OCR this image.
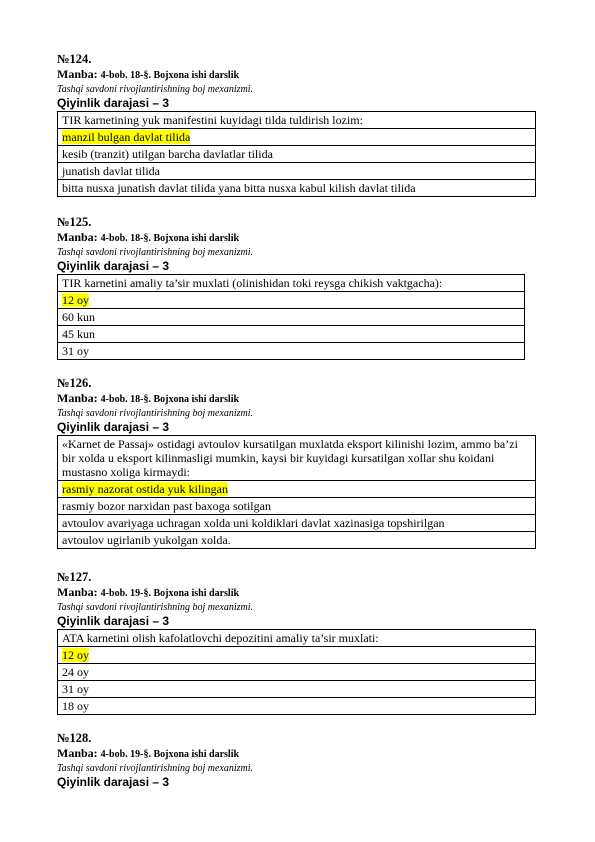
№124.
Manba: 4-bob. 18-§. Bojxona ishi darslik
Tashqi savdoni rivojlantirishning boj mexanizmi.
Qiyinlik darajasi – 3
TIR karnetining yuk manifestini kuyidagi tilda tuldirish lozim:
manzil bulgan davlat tilida
kesib (tranzit) utilgan barcha davlatlar tilida
junatish davlat tilida
bitta nusxa junatish davlat tilida yana bitta nusxa kabul kilish davlat tilida
№125.
Manba: 4-bob. 18-§. Bojxona ishi darslik
Tashqi savdoni rivojlantirishning boj mexanizmi.
Qiyinlik darajasi – 3
TIR karnetini amaliy ta’sir muxlati (olinishidan toki reysga chikish vaktgacha):
12 oy
60 kun
45 kun
31 oy
№126.
Manba: 4-bob. 18-§. Bojxona ishi darslik
Tashqi savdoni rivojlantirishning boj mexanizmi.
Qiyinlik darajasi – 3
«Karnet de Passaj» ostidagi avtoulov kursatilgan muxlatda eksport kilinishi lozim, ammo ba’zi bir xolda u eksport kilinmasligi mumkin, kaysi bir kuyidagi kursatilgan xollar shu koidani mustasno xoliga kirmaydi:
rasmiy nazorat ostida yuk kilingan
rasmiy bozor narxidan past baxoga sotilgan
avtoulov avariyaga uchragan xolda uni koldiklari davlat xazinasiga topshirilgan
avtoulov ugirlanib yukolgan xolda.
№127.
Manba: 4-bob. 19-§. Bojxona ishi darslik
Tashqi savdoni rivojlantirishning boj mexanizmi.
Qiyinlik darajasi – 3
ATA karnetini olish kafolatlovchi depozitini amaliy ta’sir muxlati:
12 oy
24 oy
31 oy
18 oy
№128.
Manba: 4-bob. 19-§. Bojxona ishi darslik
Tashqi savdoni rivojlantirishning boj mexanizmi.
Qiyinlik darajasi – 3
